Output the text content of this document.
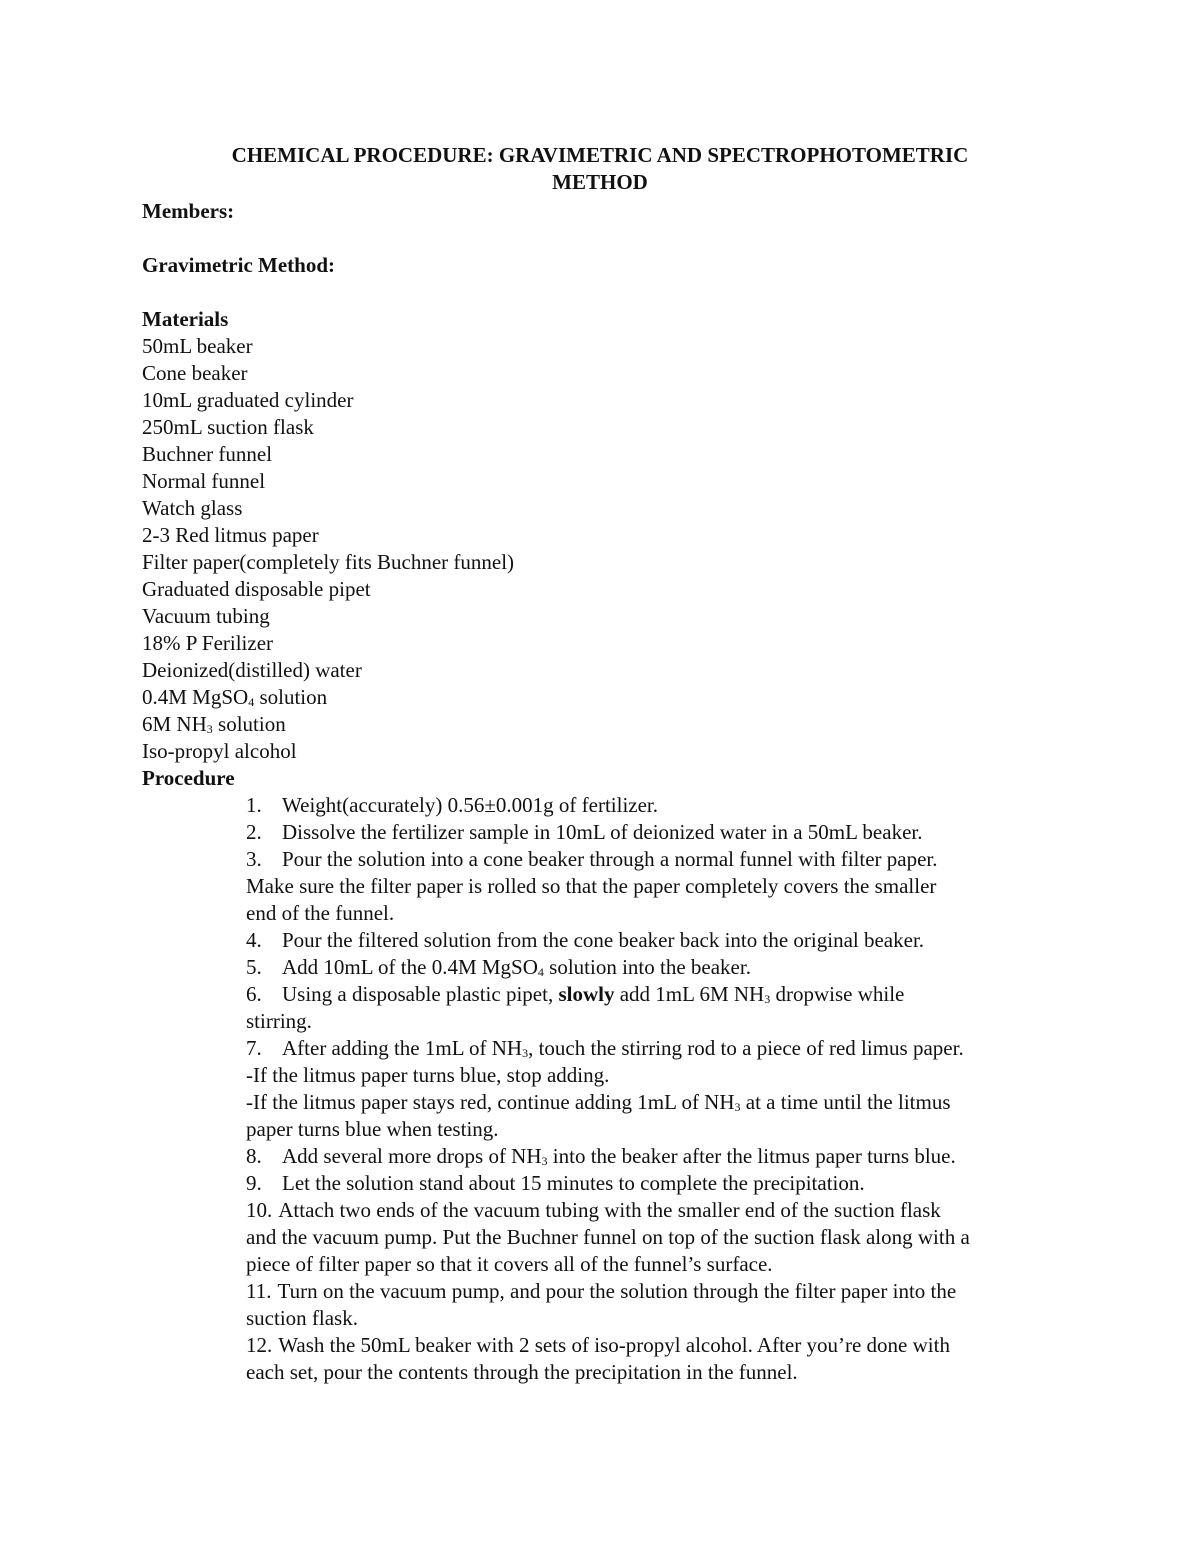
CHEMICAL PROCEDURE: GRAVIMETRIC AND SPECTROPHOTOMETRIC
METHOD
Members:
Gravimetric Method:
Materials
50mL beaker
Cone beaker
10mL graduated cylinder
250mL suction flask
Buchner funnel
Normal funnel
Watch glass
2-3 Red litmus paper
Filter paper(completely fits Buchner funnel)
Graduated disposable pipet
Vacuum tubing
18% P Ferilizer
Deionized(distilled) water
0.4M MgSO$_4$ solution
6M $NH_3$ solution
Iso-propyl alcohol
Procedure
1. Weight(accurately) 0.56±0.001g of fertilizer.
2. Dissolve the fertilizer sample in 10mL of deionized water in a 50mL beaker.
3. Pour the solution into a cone beaker through a normal funnel with filter paper.
Make sure the filter paper is rolled so that the paper completely covers the smaller
end of the funnel.
4. Pour the filtered solution from the cone beaker back into the original beaker.
5. Add 10mL of the 0.4M MgSO$_4$ solution into the beaker.
6. Using a disposable plastic pipet, slowly add 1mL 6M $NH_3$ dropwise while
stirring.
7. After adding the 1mL of $NH_3$, touch the stirring rod to a piece of red limus paper.
-If the litmus paper turns blue, stop adding.
-If the litmus paper stays red, continue adding 1mL of $NH_3$ at a time until the litmus
paper turns blue when testing.
8. Add several more drops of $NH_3$ into the beaker after the litmus paper turns blue.
9. Let the solution stand about 15 minutes to complete the precipitation.
10. Attach two ends of the vacuum tubing with the smaller end of the suction flask
and the vacuum pump. Put the Buchner funnel on top of the suction flask along with a
piece of filter paper so that it covers all of the funnel’s surface.
11. Turn on the vacuum pump, and pour the solution through the filter paper into the
suction flask.
12. Wash the 50mL beaker with 2 sets of iso-propyl alcohol. After you’re done with
each set, pour the contents through the precipitation in the funnel.
